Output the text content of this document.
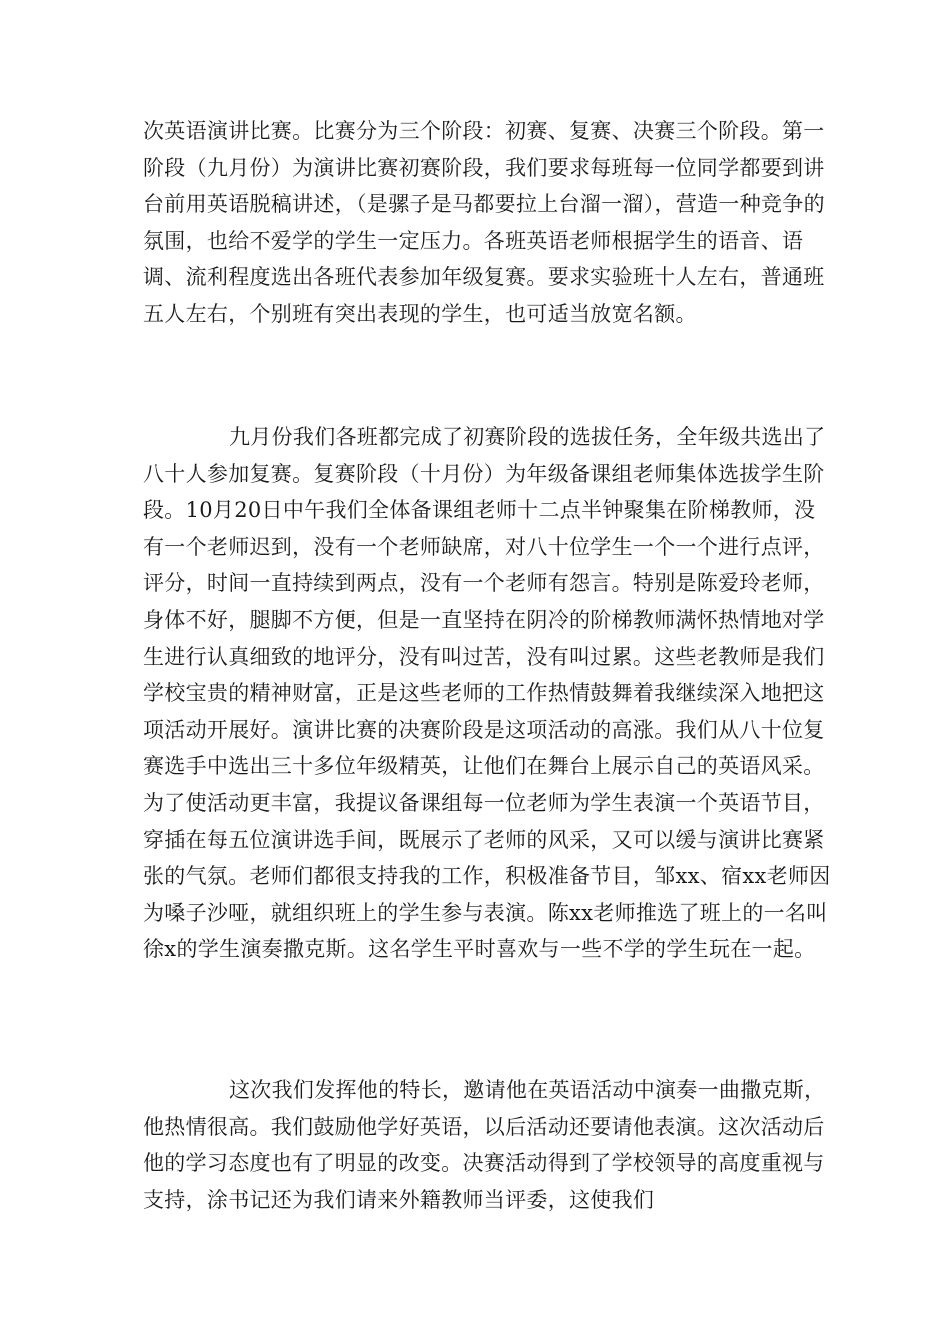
次英语演讲比赛。比赛分为三个阶段：初赛、复赛、决赛三个阶段。第一阶段（九月份）为演讲比赛初赛阶段，我们要求每班每一位同学都要到讲台前用英语脱稿讲述，（是骡子是马都要拉上台溜一溜），营造一种竞争的氛围，也给不爱学的学生一定压力。各班英语老师根据学生的语音、语调、流利程度选出各班代表参加年级复赛。要求实验班十人左右，普通班五人左右，个别班有突出表现的学生，也可适当放宽名额。

九月份我们各班都完成了初赛阶段的选拔任务，全年级共选出了八十人参加复赛。复赛阶段（十月份）为年级备课组老师集体选拔学生阶段。10月20日中午我们全体备课组老师十二点半钟聚集在阶梯教师，没有一个老师迟到，没有一个老师缺席，对八十位学生一个一个进行点评，评分，时间一直持续到两点，没有一个老师有怨言。特别是陈爱玲老师，身体不好，腿脚不方便，但是一直坚持在阴冷的阶梯教师满怀热情地对学生进行认真细致的地评分，没有叫过苦，没有叫过累。这些老教师是我们学校宝贵的精神财富，正是这些老师的工作热情鼓舞着我继续深入地把这项活动开展好。演讲比赛的决赛阶段是这项活动的高涨。我们从八十位复赛选手中选出三十多位年级精英，让他们在舞台上展示自己的英语风采。为了使活动更丰富，我提议备课组每一位老师为学生表演一个英语节目，穿插在每五位演讲选手间，既展示了老师的风采，又可以缓与演讲比赛紧张的气氛。老师们都很支持我的工作，积极准备节目，邹xx、宿xx老师因为嗓子沙哑，就组织班上的学生参与表演。陈xx老师推选了班上的一名叫徐x的学生演奏撒克斯。这名学生平时喜欢与一些不学的学生玩在一起。

这次我们发挥他的特长，邀请他在英语活动中演奏一曲撒克斯，他热情很高。我们鼓励他学好英语，以后活动还要请他表演。这次活动后他的学习态度也有了明显的改变。决赛活动得到了学校领导的高度重视与支持，涂书记还为我们请来外籍教师当评委，这使我们
